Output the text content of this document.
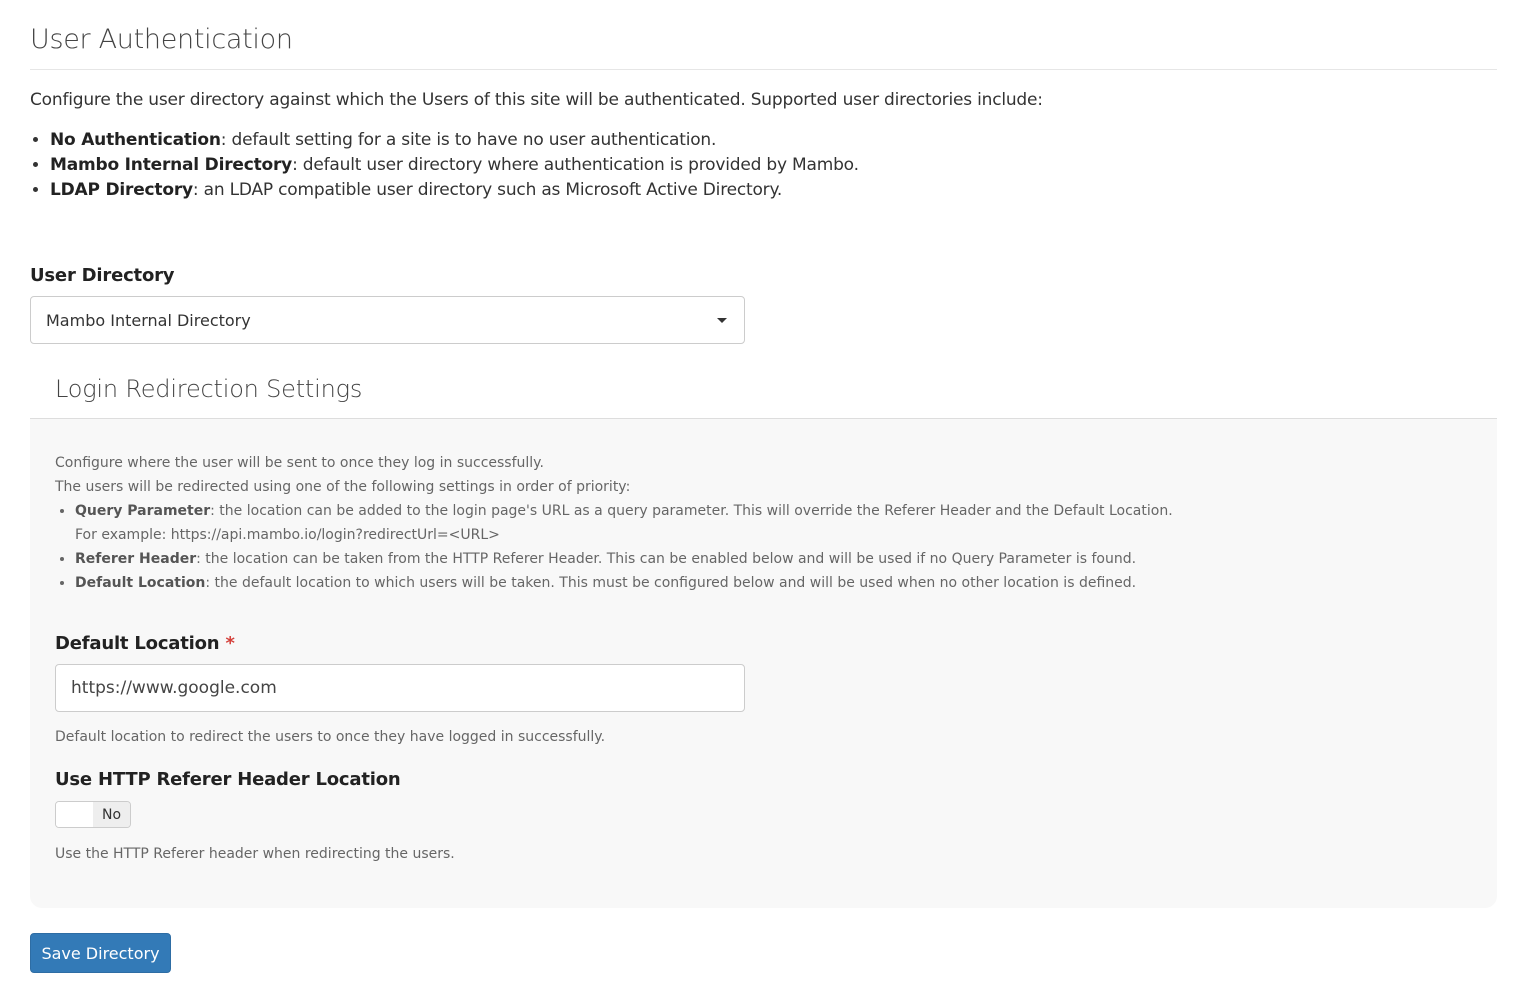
User Authentication

Configure the user directory against which the Users of this site will be authenticated. Supported user directories include:

• No Authentication: default setting for a site is to have no user authentication.
• Mambo Internal Directory: default user directory where authentication is provided by Mambo.
• LDAP Directory: an LDAP compatible user directory such as Microsoft Active Directory.
User Directory
Mambo Internal Directory
Login Redirection Settings
Configure where the user will be sent to once they log in successfully.
The users will be redirected using one of the following settings in order of priority:
• Query Parameter: the location can be added to the login page's URL as a query parameter. This will override the Referer Header and the Default Location.
For example: https://api.mambo.io/login?redirectUrl=<URL>
• Referer Header: the location can be taken from the HTTP Referer Header. This can be enabled below and will be used if no Query Parameter is found.
• Default Location: the default location to which users will be taken. This must be configured below and will be used when no other location is defined.
Default Location *
https://www.google.com
Default location to redirect the users to once they have logged in successfully.
Use HTTP Referer Header Location
No
Use the HTTP Referer header when redirecting the users.
Save Directory
